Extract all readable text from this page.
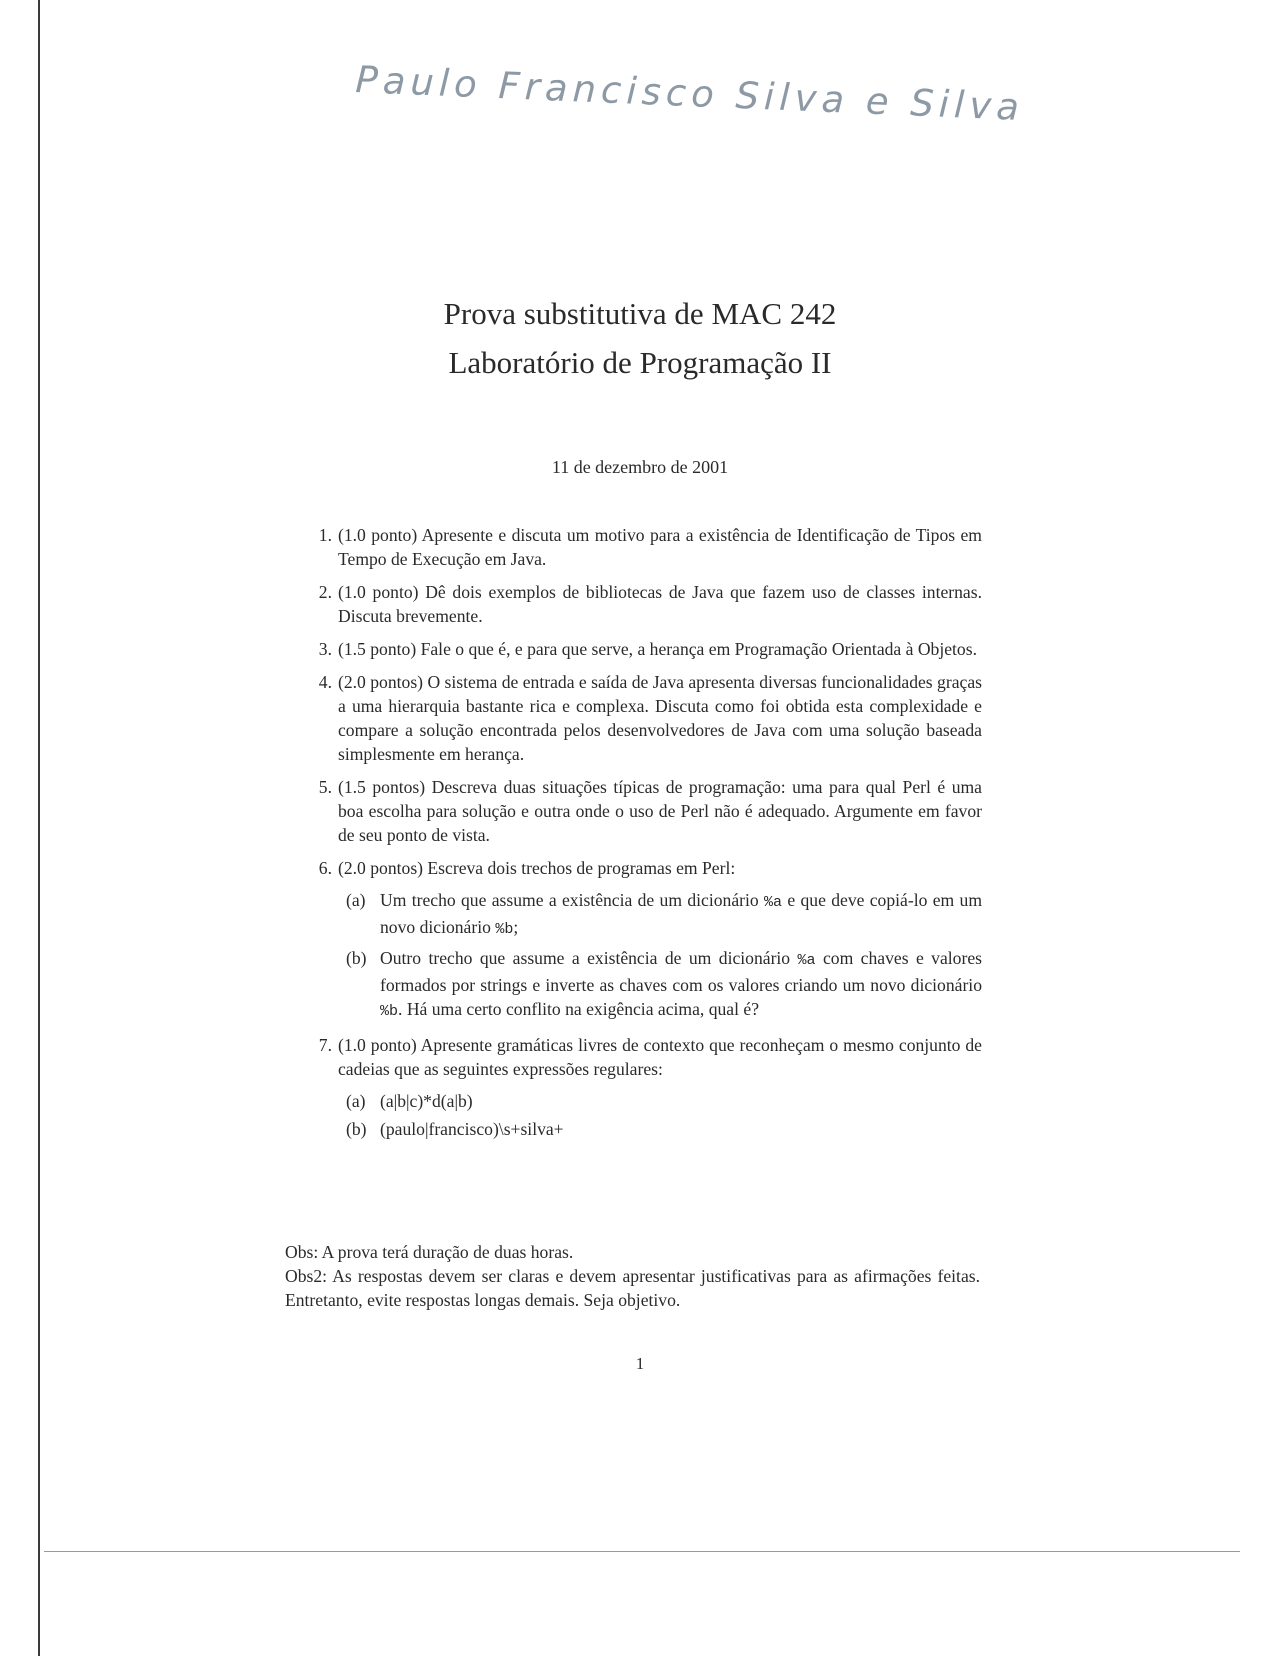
Paulo Francisco Silva e Silva
Prova substitutiva de MAC 242
Laboratório de Programação II
11 de dezembro de 2001
1. (1.0 ponto) Apresente e discuta um motivo para a existência de Identificação de Tipos em Tempo de Execução em Java.
2. (1.0 ponto) Dê dois exemplos de bibliotecas de Java que fazem uso de classes internas. Discuta brevemente.
3. (1.5 ponto) Fale o que é, e para que serve, a herança em Programação Orientada à Objetos.
4. (2.0 pontos) O sistema de entrada e saída de Java apresenta diversas funcionalidades graças a uma hierarquia bastante rica e complexa. Discuta como foi obtida esta complexidade e compare a solução encontrada pelos desenvolvedores de Java com uma solução baseada simplesmente em herança.
5. (1.5 pontos) Descreva duas situações típicas de programação: uma para qual Perl é uma boa escolha para solução e outra onde o uso de Perl não é adequado. Argumente em favor de seu ponto de vista.
6. (2.0 pontos) Escreva dois trechos de programas em Perl:
(a) Um trecho que assume a existência de um dicionário %a e que deve copiá-lo em um novo dicionário %b;
(b) Outro trecho que assume a existência de um dicionário %a com chaves e valores formados por strings e inverte as chaves com os valores criando um novo dicionário %b. Há uma certo conflito na exigência acima, qual é?
7. (1.0 ponto) Apresente gramáticas livres de contexto que reconheçam o mesmo conjunto de cadeias que as seguintes expressões regulares:
(a) (a|b|c)*d(a|b)
(b) (paulo|francisco)\s+silva+
Obs: A prova terá duração de duas horas.
Obs2: As respostas devem ser claras e devem apresentar justificativas para as afirmações feitas. Entretanto, evite respostas longas demais. Seja objetivo.
1
